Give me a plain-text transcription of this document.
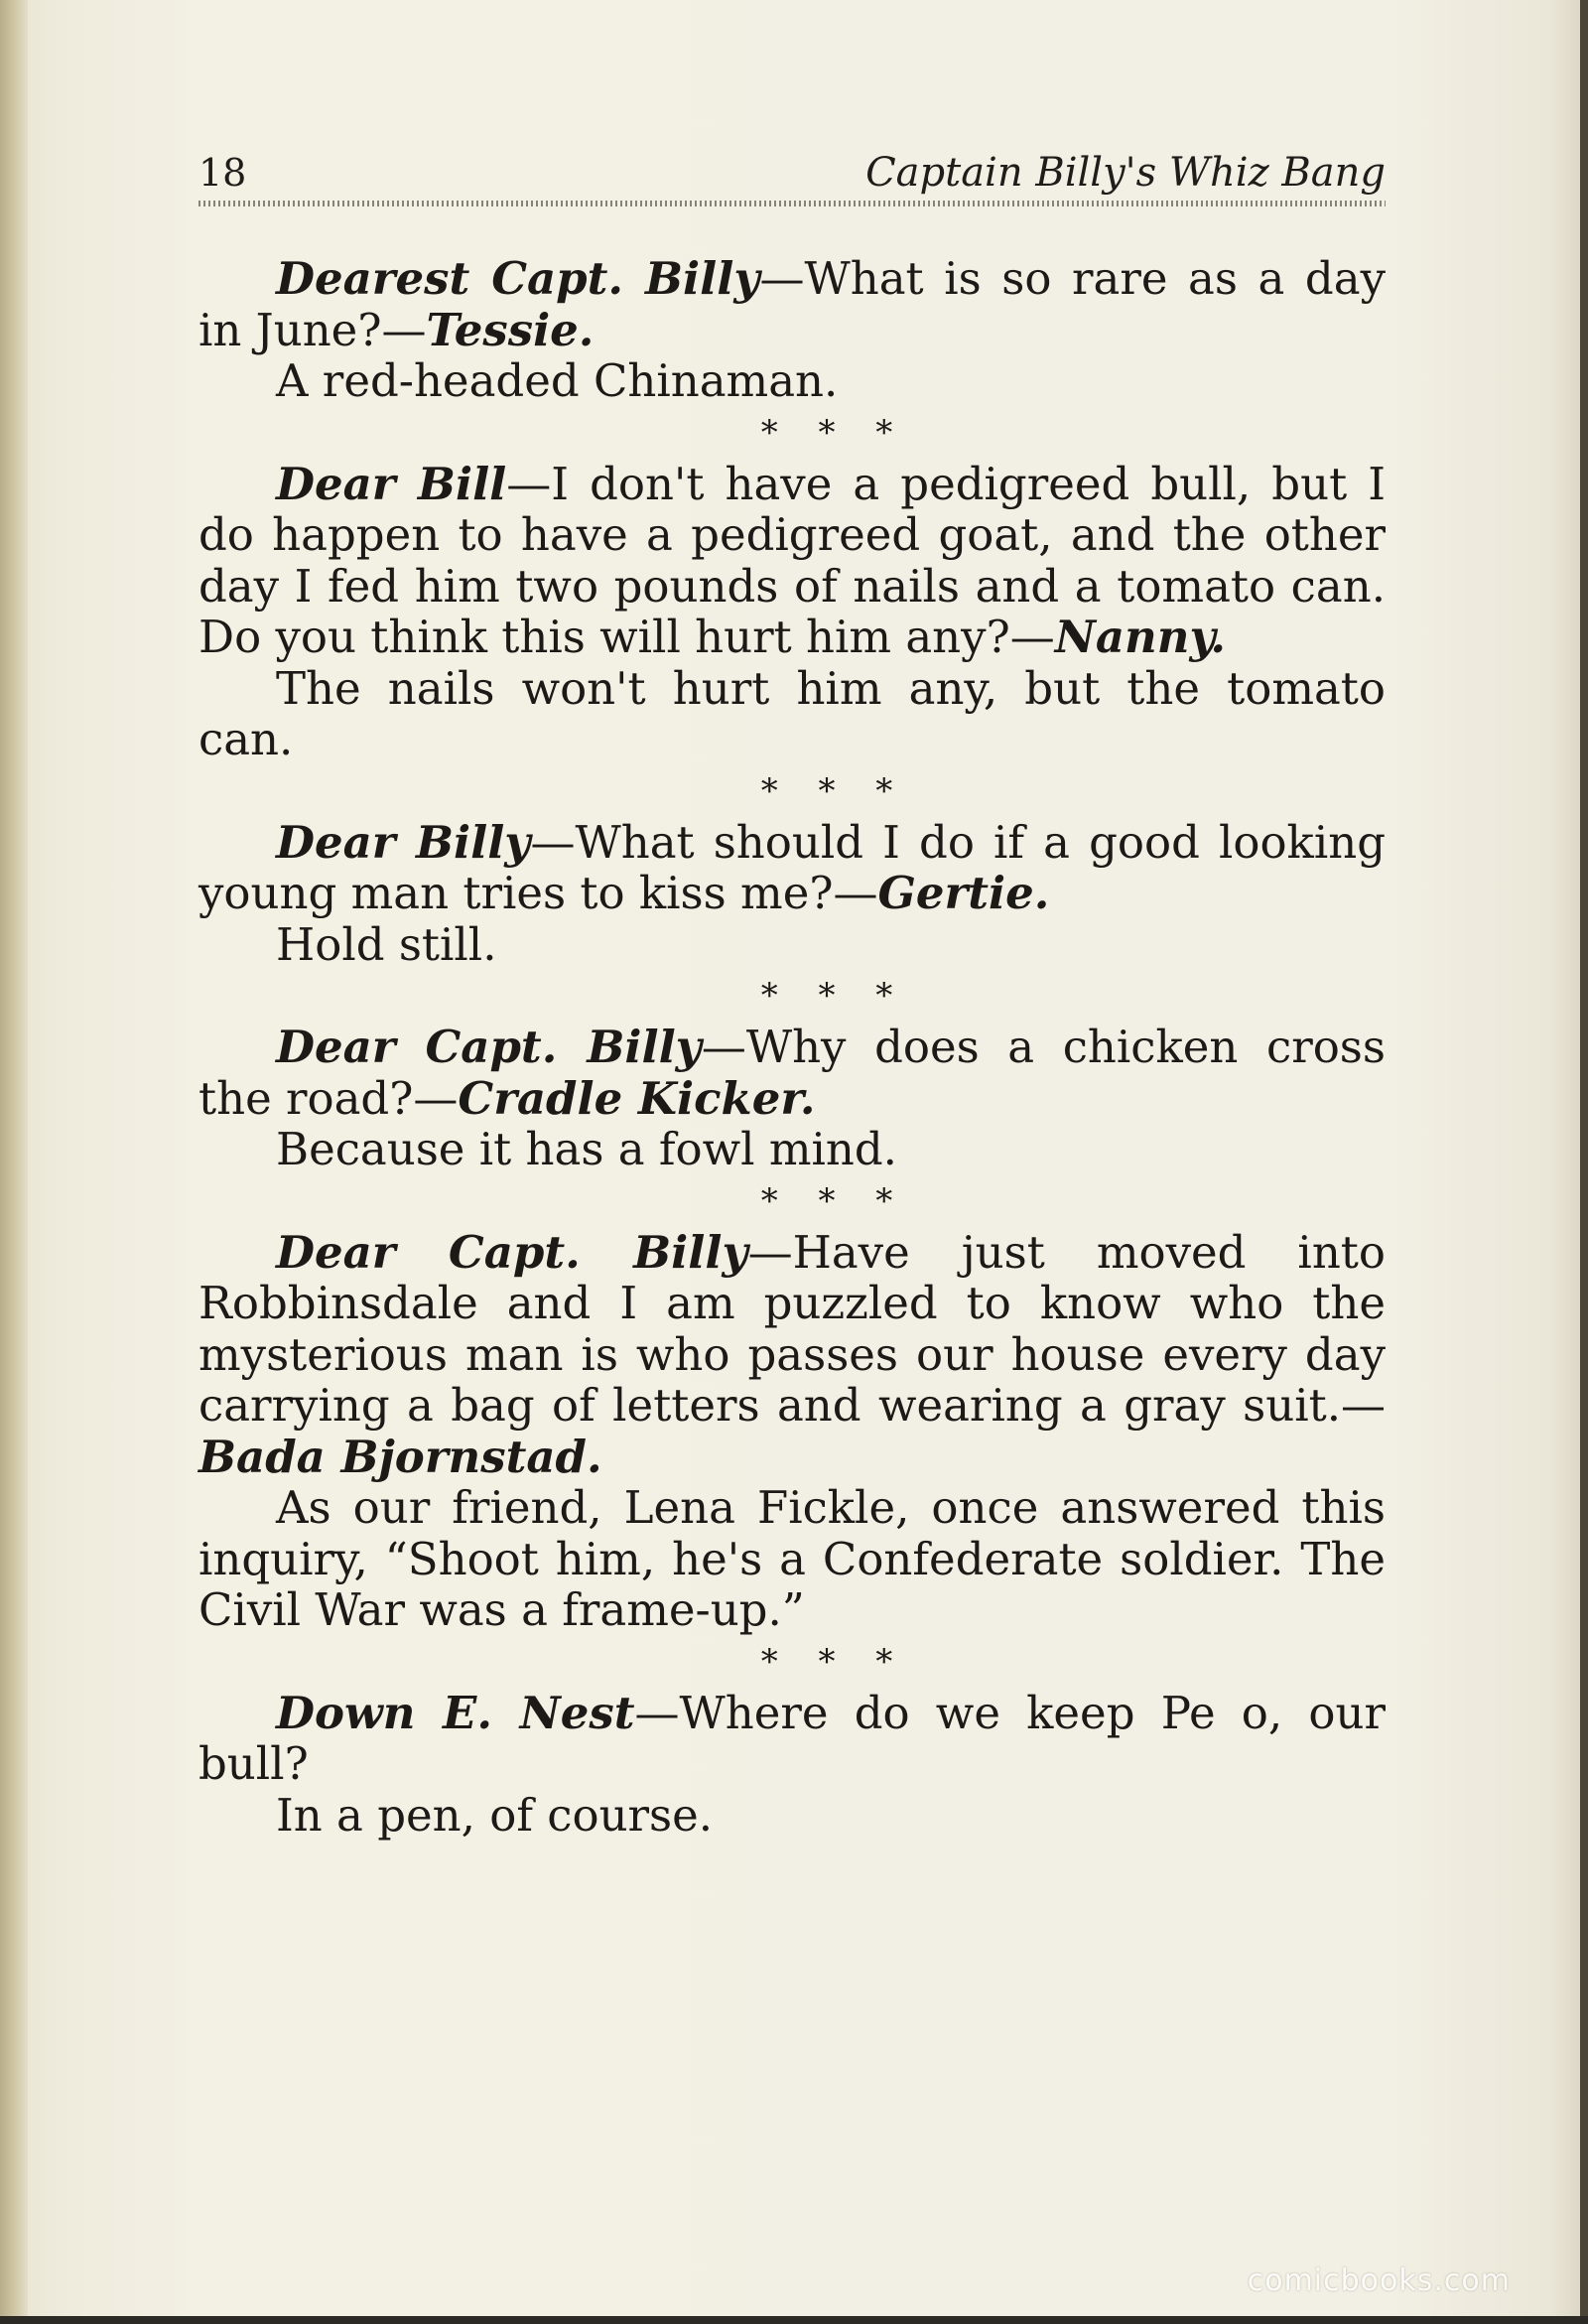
18	Captain Billy's Whiz Bang

Dearest Capt. Billy—What is so rare as a day in June?—Tessie.

A red-headed Chinaman.

* * *

Dear Bill—I don't have a pedigreed bull, but I do happen to have a pedigreed goat, and the other day I fed him two pounds of nails and a tomato can. Do you think this will hurt him any?—Nanny.

The nails won't hurt him any, but the tomato can.

* * *

Dear Billy—What should I do if a good looking young man tries to kiss me?—Gertie.

Hold still.

* * *

Dear Capt. Billy—Why does a chicken cross the road?—Cradle Kicker.

Because it has a fowl mind.

* * *

Dear Capt. Billy—Have just moved into Robbinsdale and I am puzzled to know who the mysterious man is who passes our house every day carrying a bag of letters and wearing a gray suit.—Bada Bjornstad.

As our friend, Lena Fickle, once answered this inquiry, “Shoot him, he's a Confederate soldier. The Civil War was a frame-up.”

* * *

Down E. Nest—Where do we keep Pe o, our bull?

In a pen, of course.

comicbooks.com
